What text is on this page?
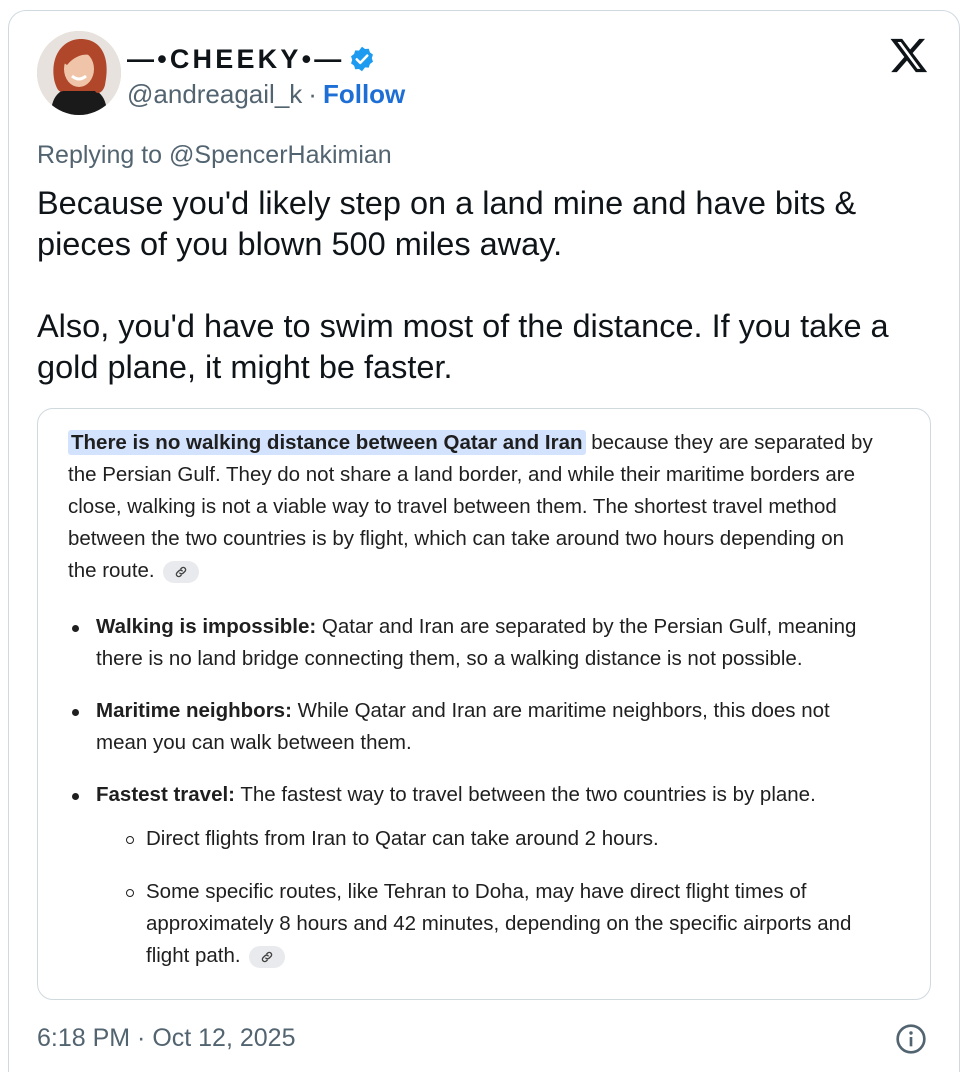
—•CHEEKY•—
@andreagail_k · Follow
Replying to @SpencerHakimian

Because you'd likely step on a land mine and have bits &

pieces of you blown 500 miles away.

Also, you'd have to swim most of the distance. If you take a

gold plane, it might be faster.

There is no walking distance between Qatar and Iran because they are separated by
the Persian Gulf. They do not share a land border, and while their maritime borders are
close, walking is not a viable way to travel between them. The shortest travel method
between the two countries is by flight, which can take around two hours depending on
the route.
Walking is impossible: Qatar and Iran are separated by the Persian Gulf, meaning
there is no land bridge connecting them, so a walking distance is not possible.
Maritime neighbors: While Qatar and Iran are maritime neighbors, this does not
mean you can walk between them.
Fastest travel: The fastest way to travel between the two countries is by plane.
Direct flights from Iran to Qatar can take around 2 hours.
Some specific routes, like Tehran to Doha, may have direct flight times of
approximately 8 hours and 42 minutes, depending on the specific airports and
flight path.
6:18 PM · Oct 12, 2025
